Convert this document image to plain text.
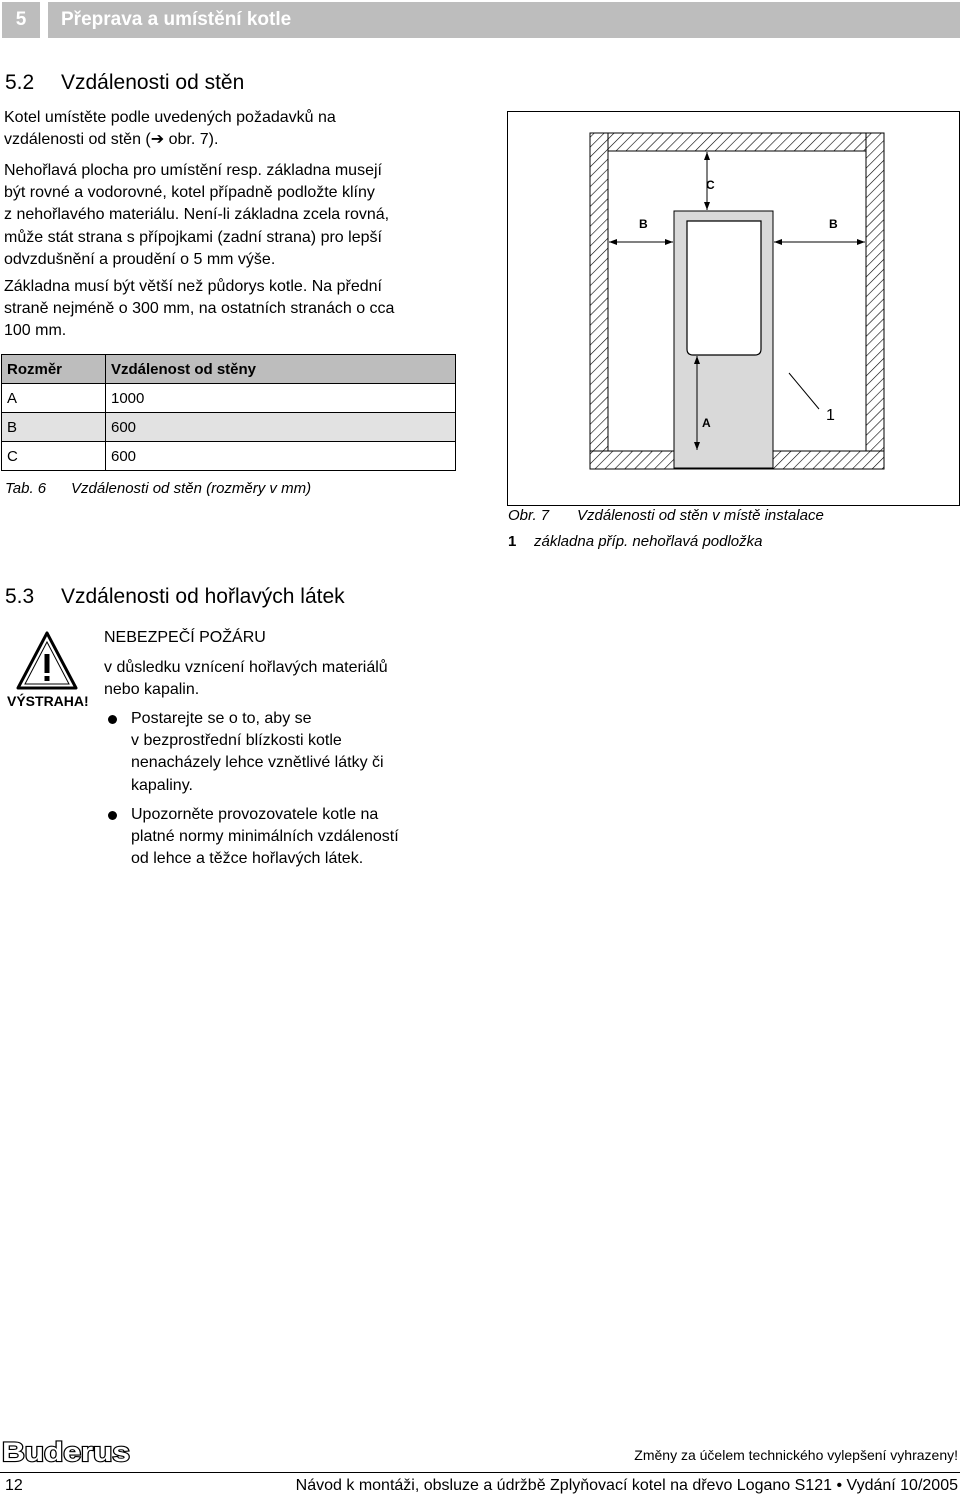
5	Přeprava a umístění kotle
5.2 Vzdálenosti od stěn
Kotel umístěte podle uvedených požadavků na
vzdálenosti od stěn (➔ obr. 7).
Nehořlavá plocha pro umístění resp. základna musejí
být rovné a vodorovné, kotel případně podložte klíny
z nehořlavého materiálu. Není-li základna zcela rovná,
může stát strana s přípojkami (zadní strana) pro lepší
odvzdušnění a proudění o 5 mm výše.
Základna musí být větší než půdorys kotle. Na přední
straně nejméně o 300 mm, na ostatních stranách o cca
100 mm.
Rozměr	Vzdálenost od stěny
A	1000
B	600
C	600
Tab. 6 Vzdálenosti od stěn (rozměry v mm)
C
B	B
A	1
Obr. 7 Vzdálenosti od stěn v místě instalace
1 základna příp. nehořlavá podložka
5.3 Vzdálenosti od hořlavých látek
VÝSTRAHA!
NEBEZPEČÍ POŽÁRU
v důsledku vznícení hořlavých materiálů
nebo kapalin.
Postarejte se o to, aby se
v bezprostřední blízkosti kotle
nenacházely lehce vznětlivé látky či
kapaliny.
Upozorněte provozovatele kotle na
platné normy minimálních vzdáleností
od lehce a těžce hořlavých látek.
Buderus	Změny za účelem technického vylepšení vyhrazeny!
12	Návod k montáži, obsluze a údržbě Zplyňovací kotel na dřevo Logano S121 • Vydání 10/2005
